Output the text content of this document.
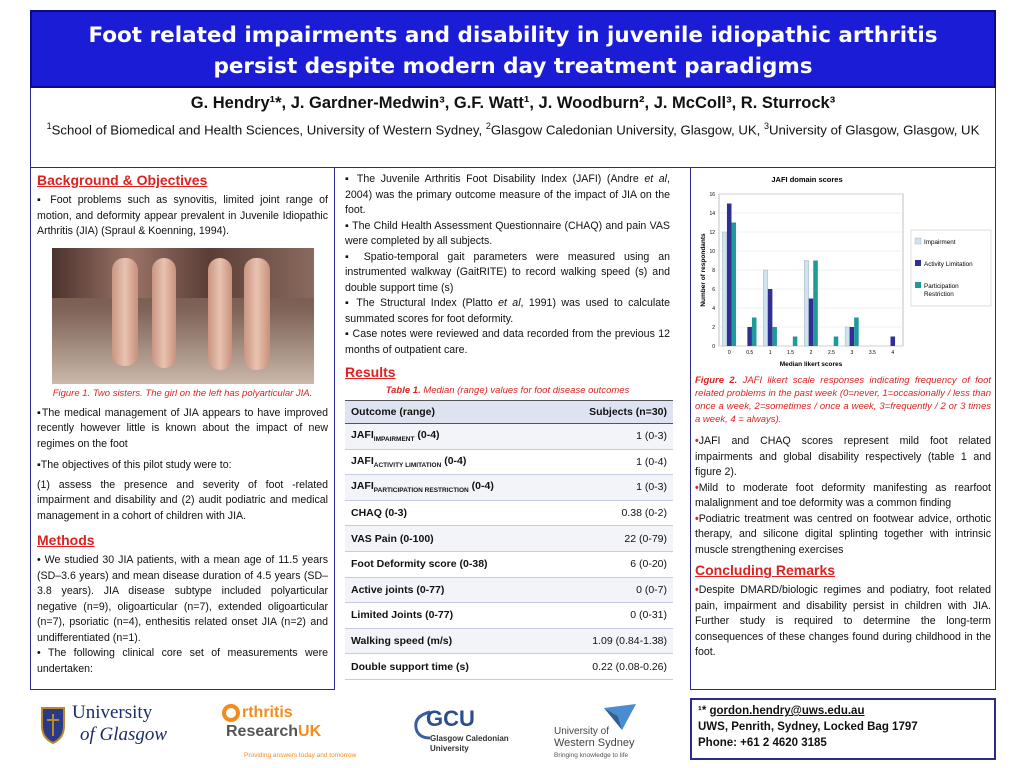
Foot related impairments and disability in juvenile idiopathic arthritis
persist despite modern day treatment paradigms
G. Hendry¹*, J. Gardner-Medwin³, G.F. Watt¹, J. Woodburn², J. McColl³, R. Sturrock³
$^1$School of Biomedical and Health Sciences, University of Western Sydney, $^2$Glasgow Caledonian University, Glasgow, UK, $^3$University of Glasgow, Glasgow, UK
Background & Objectives

▪ Foot problems such as synovitis, limited joint range of motion, and deformity appear prevalent in Juvenile Idiopathic Arthritis (JIA) (Spraul & Koenning, 1994).

Figure 1. Two sisters. The girl on the left has polyarticular JIA.

▪The medical management of JIA appears to have improved recently however little is known about the impact of new regimes on the foot

▪The objectives of this pilot study were to:

(1) assess the presence and severity of foot -related impairment and disability and (2) audit podiatric and medical management in a cohort of children with JIA.

Methods

• We studied 30 JIA patients, with a mean age of 11.5 years (SD–3.6 years) and mean disease duration of 4.5 years (SD–3.8 years). JIA disease subtype included polyarticular negative (n=9), oligoarticular (n=7), extended oligoarticular (n=7), psoriatic (n=4), enthesitis related onset JIA (n=2) and undifferentiated (n=1).

• The following clinical core set of measurements were undertaken:

▪ The Juvenile Arthritis Foot Disability Index (JAFI) (Andre et al, 2004) was the primary outcome measure of the impact of JIA on the foot.

▪ The Child Health Assessment Questionnaire (CHAQ) and pain VAS were completed by all subjects.

▪ Spatio-temporal gait parameters were measured using an instrumented walkway (GaitRITE) to record walking speed (s) and double support time (s)

▪ The Structural Index (Platto et al, 1991) was used to calculate summated scores for foot deformity.

▪ Case notes were reviewed and data recorded from the previous 12 months of outpatient care.

Results
Table 1. Median (range) values for foot disease outcomes
Outcome (range)	Subjects (n=30)
$JAFI_{IMPAIRMENT}$ (0-4)	1 (0-3)
$JAFI_{ACTIVITY LIMITATION}$ (0-4)	1 (0-4)
$JAFI_{PARTICIPATION RESTRICTION}$ (0-4)	1 (0-3)
CHAQ (0-3)	0.38 (0-2)
VAS Pain (0-100)	22 (0-79)
Foot Deformity score (0-38)	6 (0-20)
Active joints (0-77)	0 (0-7)
Limited Joints (0-77)	0 (0-31)
Walking speed (m/s)	1.09 (0.84-1.38)
Double support time (s)	0.22 (0.08-0.26)
JAFI domain scores
0
2
4
6
8
10
12
14
16
0	0.5	1	1.5	2	2.5	3	3.5	4
Median likert scores
Number of respondants	Impairment
Activity Limitation
Participation
Restriction
Figure 2. JAFI likert scale responses indicating frequency of foot related problems in the past week (0=never, 1=occasionally / less than once a week, 2=sometimes / once a week, 3=frequently / 2 or 3 times a week, 4 = always).

•JAFI and CHAQ scores represent mild foot related impairments and global disability respectively (table 1 and figure 2).

•Mild to moderate foot deformity manifesting as rearfoot malalignment and toe deformity was a common finding

•Podiatric treatment was centred on footwear advice, orthotic therapy, and silicone digital splinting together with intrinsic muscle strengthening exercises

Concluding Remarks

•Despite DMARD/biologic regimes and podiatry, foot related pain, impairment and disability persist in children with JIA. Further study is required to determine the long-term consequences of these changes found during childhood in the foot.

¹* gordon.hendry@uws.edu.au
UWS, Penrith, Sydney, Locked Bag 1797
Phone: +61 2 4620 3185
University
of Glasgow
rthritis
ResearchUK
Providing answers today and tomorrow
GCU
Glasgow Caledonian
University
University of
Western Sydney
Bringing knowledge to life
